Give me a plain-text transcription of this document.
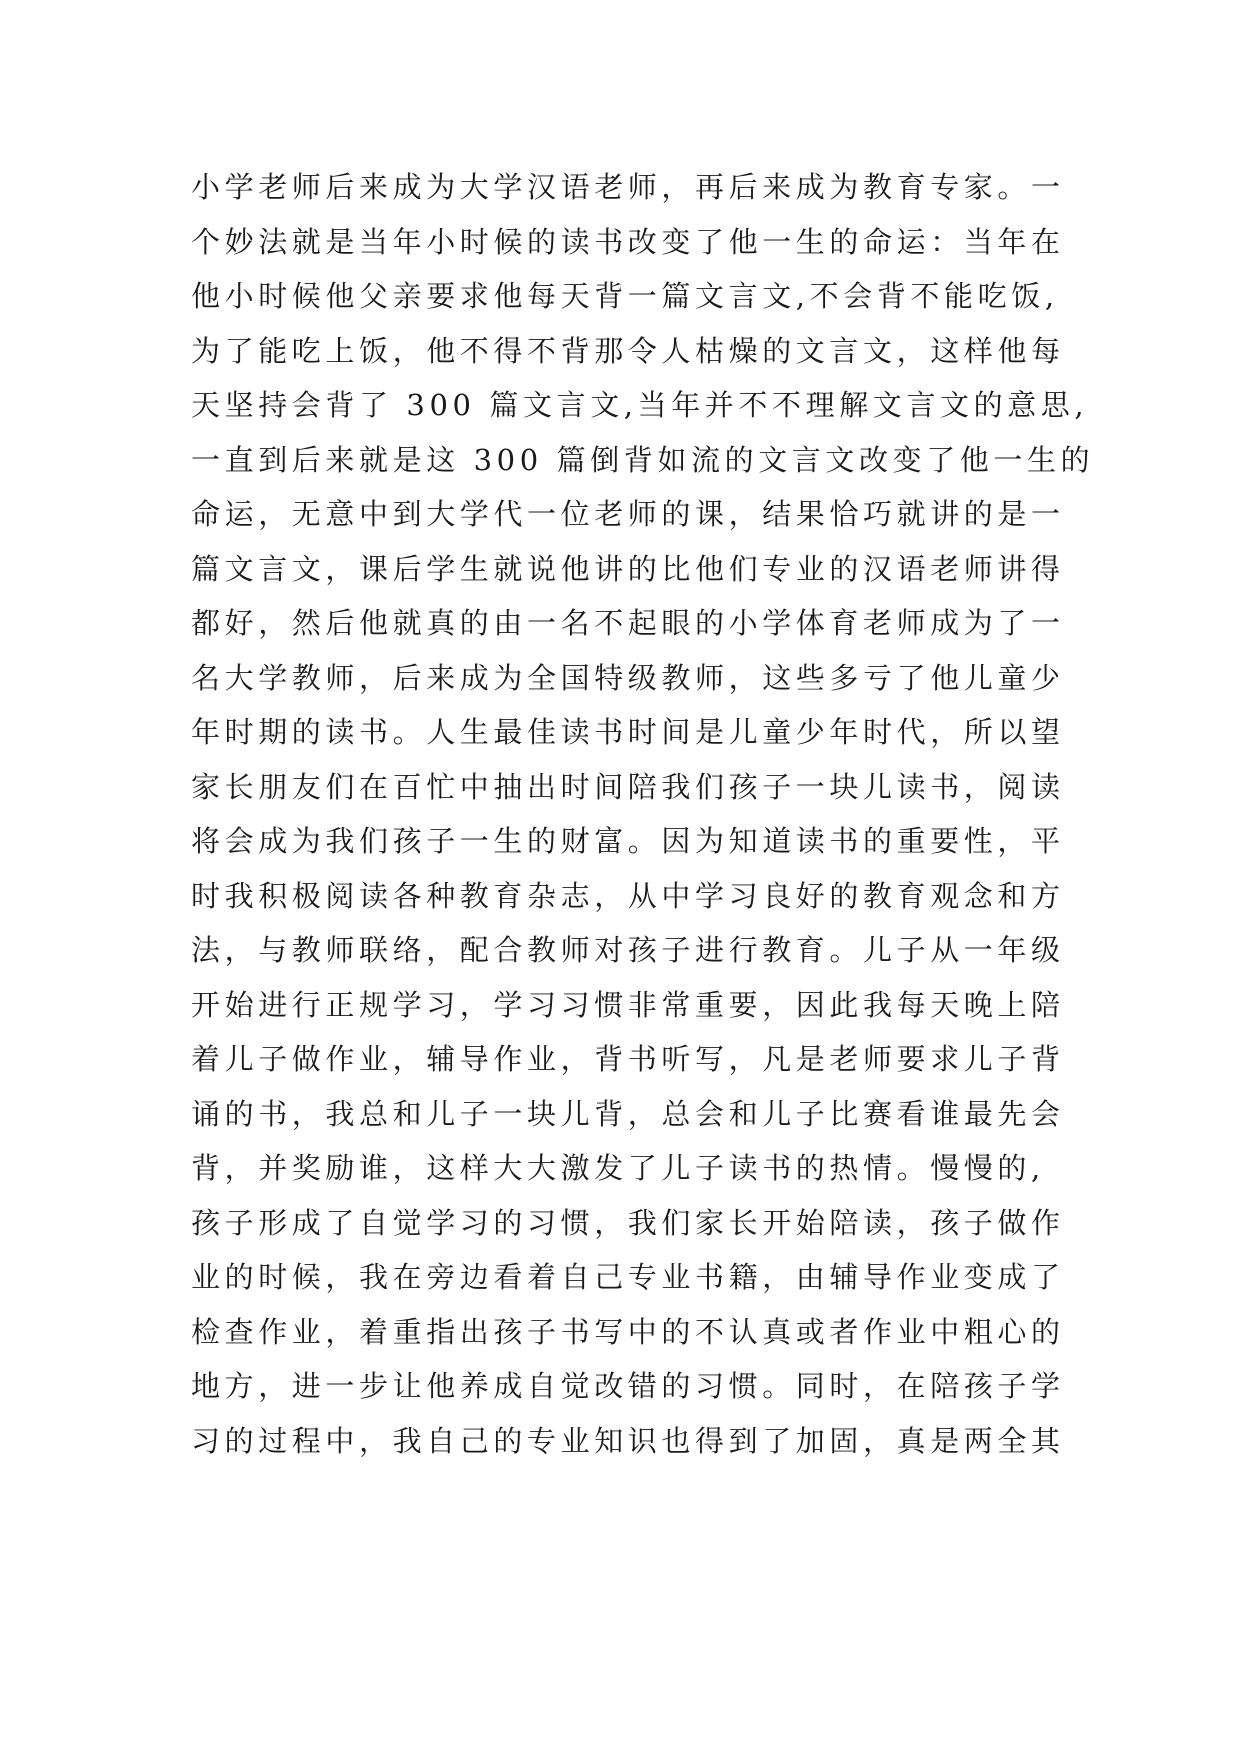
小学老师后来成为大学汉语老师，再后来成为教育专家。一
个妙法就是当年小时候的读书改变了他一生的命运：当年在
他小时候他父亲要求他每天背一篇文言文,不会背不能吃饭,
为了能吃上饭，他不得不背那令人枯燥的文言文，这样他每
天坚持会背了 300 篇文言文,当年并不不理解文言文的意思,
一直到后来就是这 300 篇倒背如流的文言文改变了他一生的
命运，无意中到大学代一位老师的课，结果恰巧就讲的是一
篇文言文，课后学生就说他讲的比他们专业的汉语老师讲得
都好，然后他就真的由一名不起眼的小学体育老师成为了一
名大学教师，后来成为全国特级教师，这些多亏了他儿童少
年时期的读书。人生最佳读书时间是儿童少年时代，所以望
家长朋友们在百忙中抽出时间陪我们孩子一块儿读书，阅读
将会成为我们孩子一生的财富。因为知道读书的重要性，平
时我积极阅读各种教育杂志，从中学习良好的教育观念和方
法，与教师联络，配合教师对孩子进行教育。儿子从一年级
开始进行正规学习，学习习惯非常重要，因此我每天晚上陪
着儿子做作业，辅导作业，背书听写，凡是老师要求儿子背
诵的书，我总和儿子一块儿背，总会和儿子比赛看谁最先会
背，并奖励谁，这样大大激发了儿子读书的热情。慢慢的,
孩子形成了自觉学习的习惯，我们家长开始陪读，孩子做作
业的时候，我在旁边看着自己专业书籍，由辅导作业变成了
检查作业，着重指出孩子书写中的不认真或者作业中粗心的
地方，进一步让他养成自觉改错的习惯。同时，在陪孩子学
习的过程中，我自己的专业知识也得到了加固，真是两全其
